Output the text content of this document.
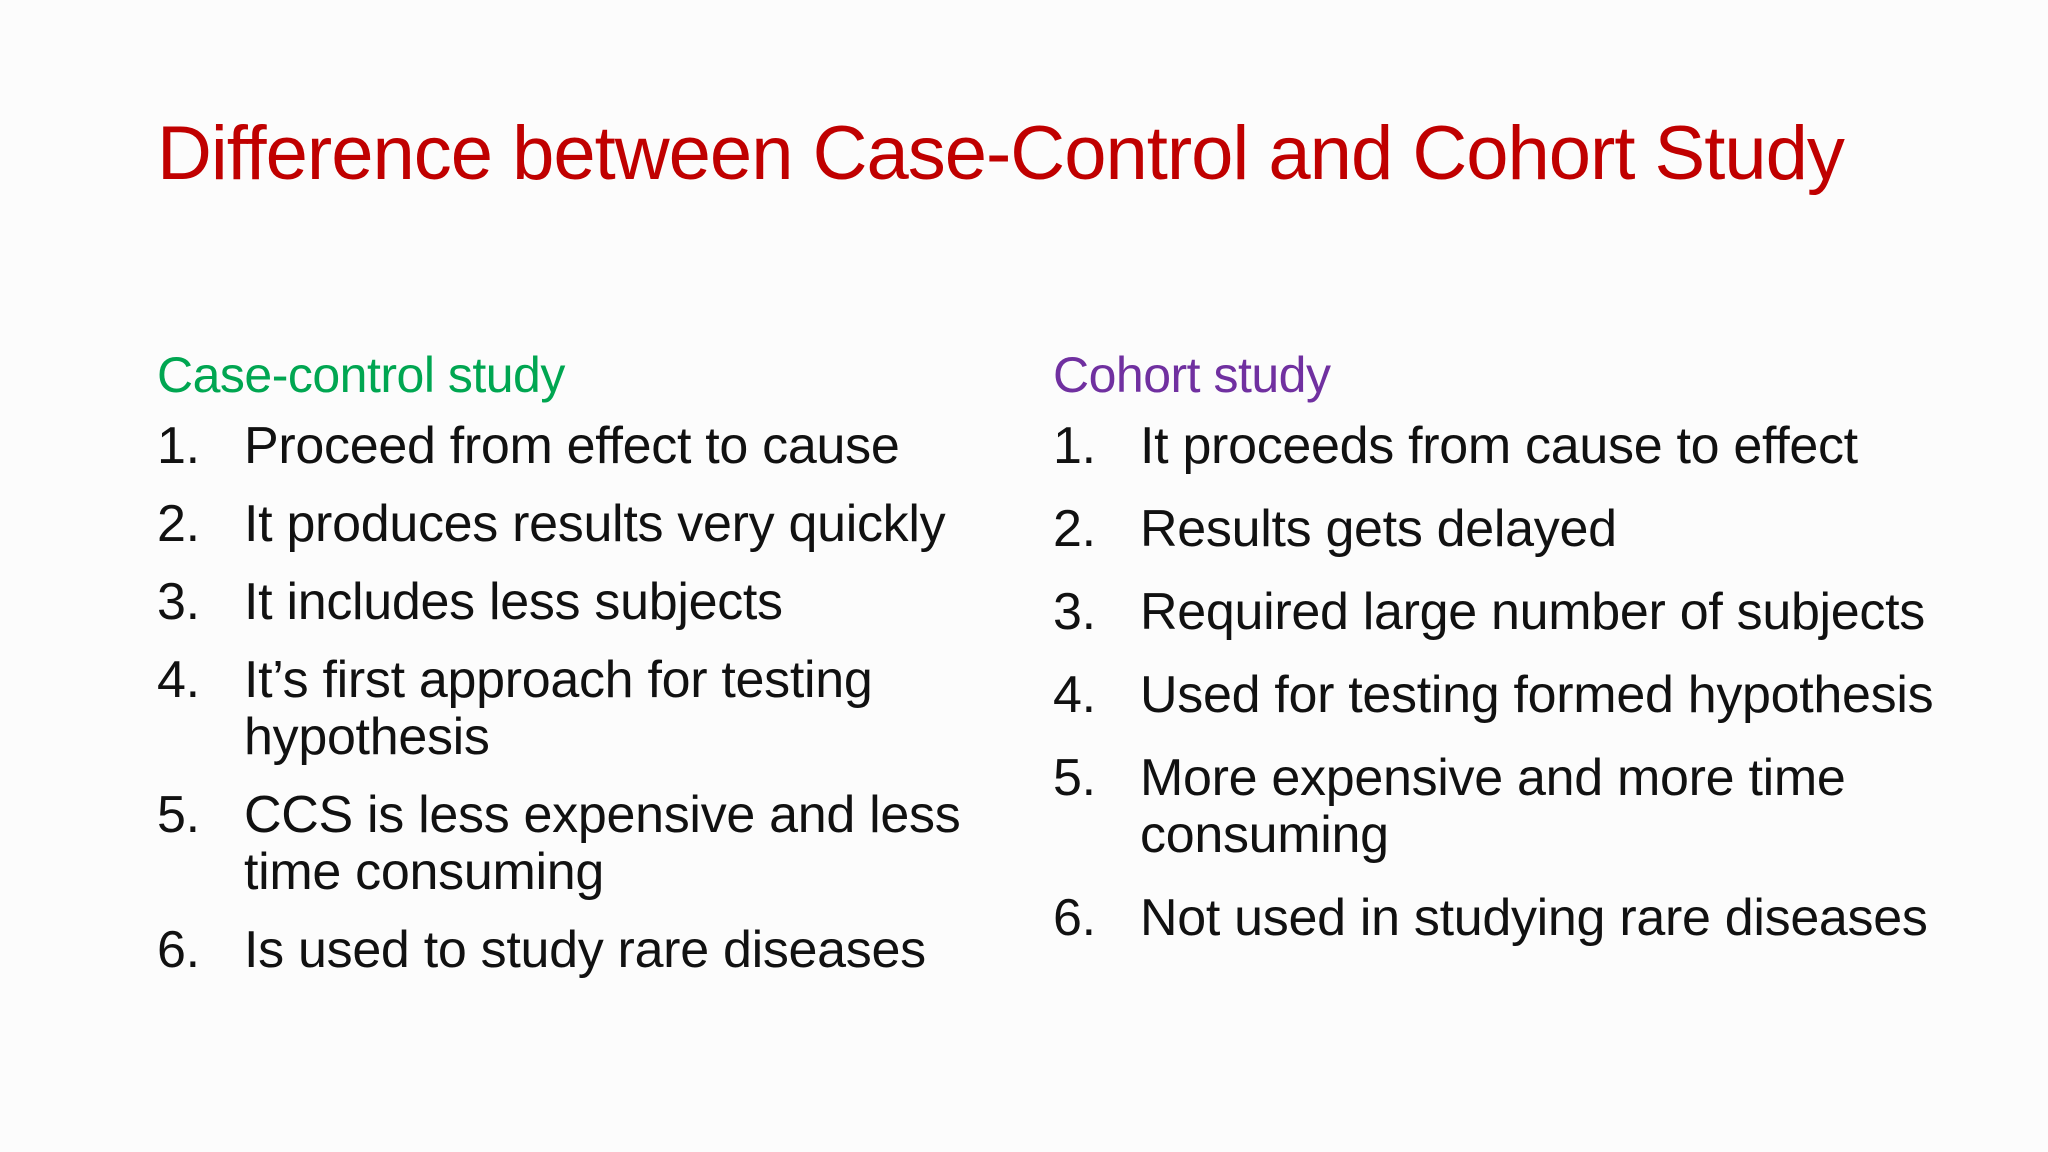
Difference between Case-Control and Cohort Study
Case-control study
1. Proceed from effect to cause
2. It produces results very quickly
3. It includes less subjects
4. It’s first approach for testing hypothesis
5. CCS is less expensive and less time consuming
6. Is used to study rare diseases
Cohort study
1. It proceeds from cause to effect
2. Results gets delayed
3. Required large number of subjects
4. Used for testing formed hypothesis
5. More expensive and more time consuming
6. Not used in studying rare diseases
